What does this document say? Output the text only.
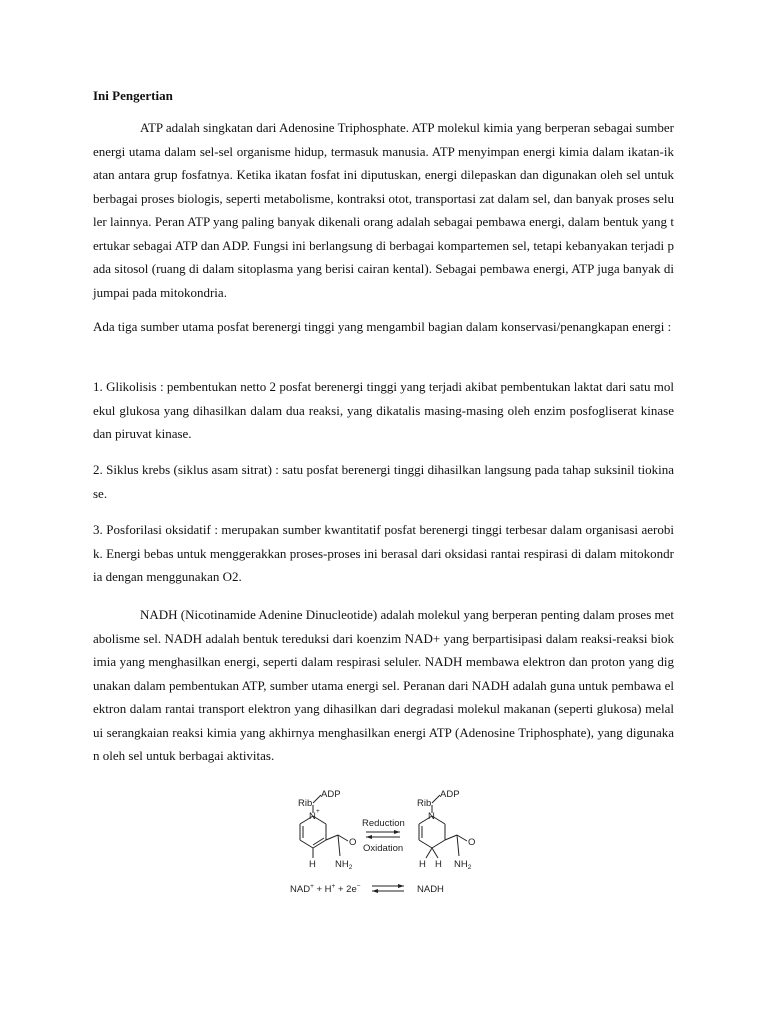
Ini Pengertian

ATP adalah singkatan dari Adenosine Triphosphate. ATP molekul kimia yang berperan sebagai sumber energi utama dalam sel-sel organisme hidup, termasuk manusia. ATP menyimpan energi kimia dalam ikatan-ikatan antara grup fosfatnya. Ketika ikatan fosfat ini diputuskan, energi dilepaskan dan digunakan oleh sel untuk berbagai proses biologis, seperti metabolisme, kontraksi otot, transportasi zat dalam sel, dan banyak proses seluler lainnya. Peran ATP yang paling banyak dikenali orang adalah sebagai pembawa energi, dalam bentuk yang tertukar sebagai ATP dan ADP. Fungsi ini berlangsung di berbagai kompartemen sel, tetapi kebanyakan terjadi pada sitosol (ruang di dalam sitoplasma yang berisi cairan kental). Sebagai pembawa energi, ATP juga banyak dijumpai pada mitokondria.

Ada tiga sumber utama posfat berenergi tinggi yang mengambil bagian dalam konservasi/penangkapan energi :

1. Glikolisis : pembentukan netto 2 posfat berenergi tinggi yang terjadi akibat pembentukan laktat dari satu molekul glukosa yang dihasilkan dalam dua reaksi, yang dikatalis masing-masing oleh enzim posfogliserat kinase dan piruvat kinase.

2. Siklus krebs (siklus asam sitrat) : satu posfat berenergi tinggi dihasilkan langsung pada tahap suksinil tiokinase.

3. Posforilasi oksidatif : merupakan sumber kwantitatif posfat berenergi tinggi terbesar dalam organisasi aerobik. Energi bebas untuk menggerakkan proses-proses ini berasal dari oksidasi rantai respirasi di dalam mitokondria dengan menggunakan O2.

NADH (Nicotinamide Adenine Dinucleotide) adalah molekul yang berperan penting dalam proses metabolisme sel. NADH adalah bentuk tereduksi dari koenzim NAD+ yang berpartisipasi dalam reaksi-reaksi biokimia yang menghasilkan energi, seperti dalam respirasi seluler. NADH membawa elektron dan proton yang digunakan dalam pembentukan ATP, sumber utama energi sel. Peranan dari NADH adalah guna untuk pembawa elektron dalam rantai transport elektron yang dihasilkan dari degradasi molekul makanan (seperti glukosa) melalui serangkaian reaksi kimia yang akhirnya menghasilkan energi ATP (Adenosine Triphosphate), yang digunakan oleh sel untuk berbagai aktivitas.

Rib
ADP
N +
H
O
$NH_2$
Reduction
Oxidation
Rib
ADP
N
H H
O
$NH_2$
NAD+ + H+ + 2e−	NADH
